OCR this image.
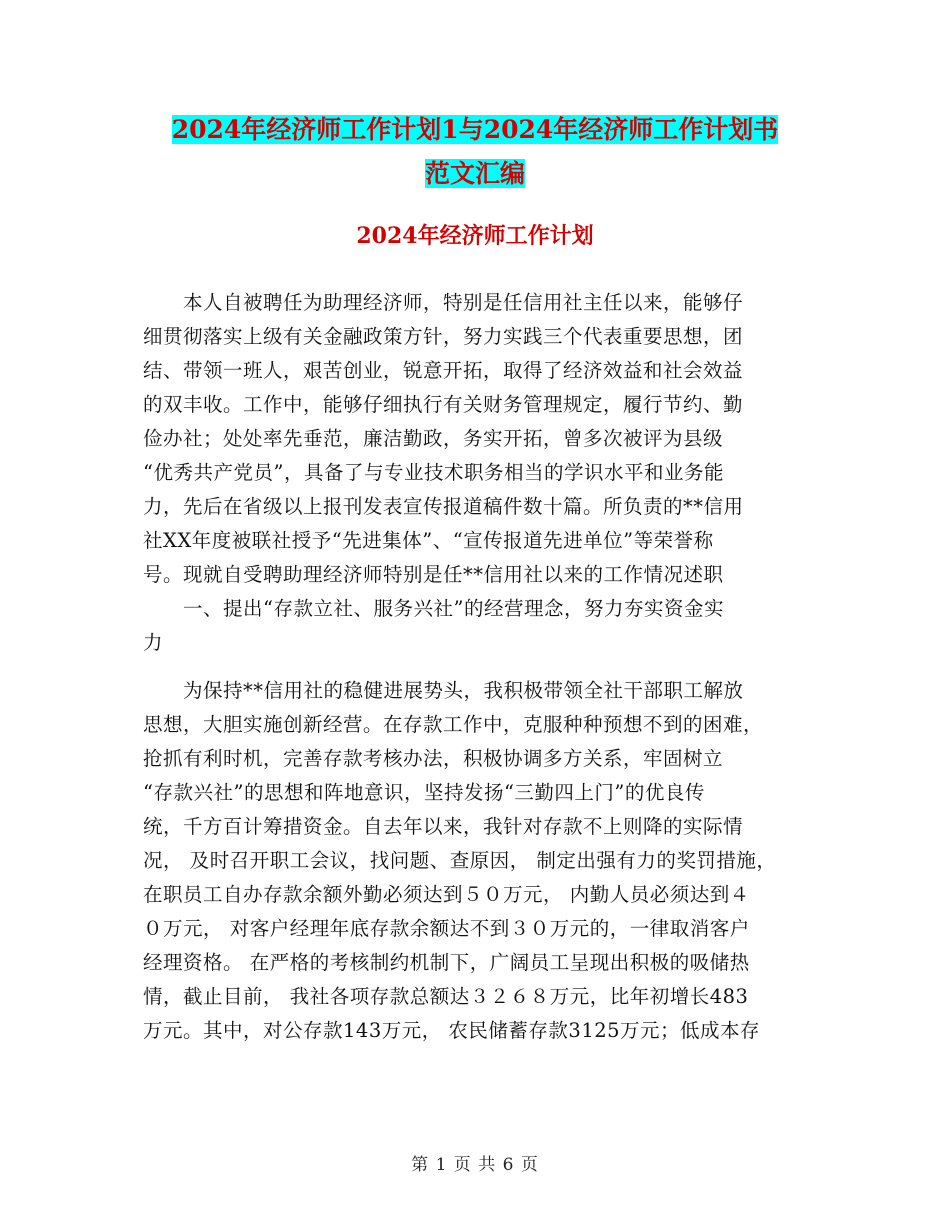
2024年经济师工作计划1与2024年经济师工作计划书
范文汇编
2024年经济师工作计划
　　本人自被聘任为助理经济师，特别是任信用社主任以来，能够仔
细贯彻落实上级有关金融政策方针，努力实践三个代表重要思想，团
结、带领一班人，艰苦创业，锐意开拓，取得了经济效益和社会效益
的双丰收。工作中，能够仔细执行有关财务管理规定，履行节约、勤
俭办社；处处率先垂范，廉洁勤政，务实开拓，曾多次被评为县级
“优秀共产党员”，具备了与专业技术职务相当的学识水平和业务能
力，先后在省级以上报刊发表宣传报道稿件数十篇。所负责的**信用
社XX年度被联社授予“先进集体”、“宣传报道先进单位”等荣誉称
号。现就自受聘助理经济师特别是任**信用社以来的工作情况述职
　　一、提出“存款立社、服务兴社”的经营理念，努力夯实资金实
力
　　为保持**信用社的稳健进展势头，我积极带领全社干部职工解放
思想，大胆实施创新经营。在存款工作中，克服种种预想不到的困难，
抢抓有利时机，完善存款考核办法，积极协调多方关系，牢固树立
“存款兴社”的思想和阵地意识，坚持发扬“三勤四上门”的优良传
统，千方百计筹措资金。自去年以来，我针对存款不上则降的实际情
况， 及时召开职工会议，找问题、查原因， 制定出强有力的奖罚措施，
在职员工自办存款余额外勤必须达到５０万元， 内勤人员必须达到４
０万元， 对客户经理年底存款余额达不到３０万元的，一律取消客户
经理资格。 在严格的考核制约机制下，广阔员工呈现出积极的吸储热
情，截止目前， 我社各项存款总额达３２６８万元，比年初增长483
万元。其中，对公存款143万元， 农民储蓄存款3125万元；低成本存
第 1 页 共 6 页
